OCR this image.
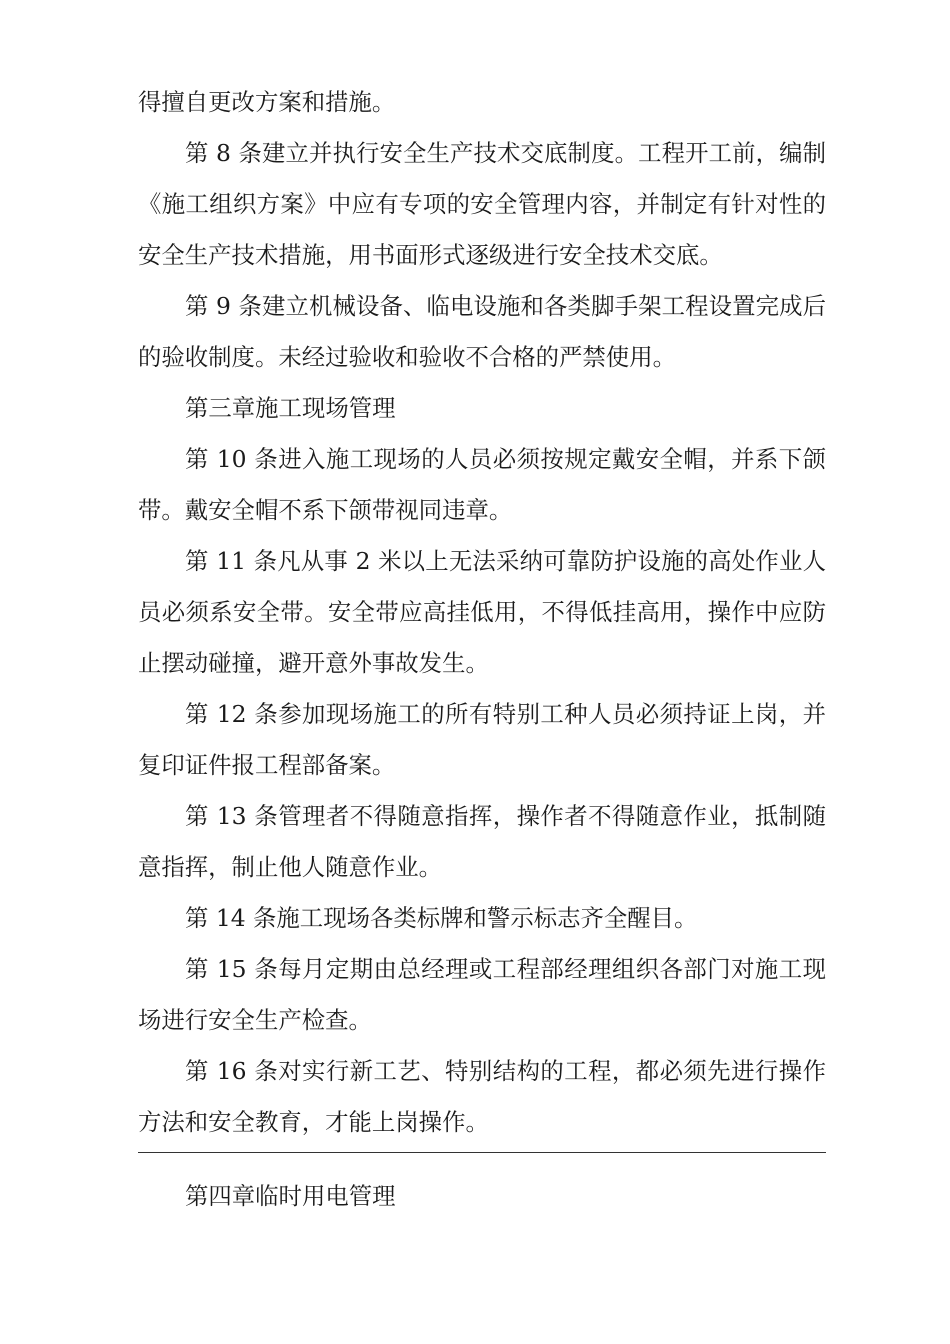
得擅自更改方案和措施。

第 8 条建立并执行安全生产技术交底制度。工程开工前，编制《施工组织方案》中应有专项的安全管理内容，并制定有针对性的安全生产技术措施，用书面形式逐级进行安全技术交底。

第 9 条建立机械设备、临电设施和各类脚手架工程设置完成后的验收制度。未经过验收和验收不合格的严禁使用。

第三章施工现场管理

第 10 条进入施工现场的人员必须按规定戴安全帽，并系下颌带。戴安全帽不系下颌带视同违章。

第 11 条凡从事 2 米以上无法采纳可靠防护设施的高处作业人员必须系安全带。安全带应高挂低用，不得低挂高用，操作中应防止摆动碰撞，避开意外事故发生。

第 12 条参加现场施工的所有特别工种人员必须持证上岗，并复印证件报工程部备案。

第 13 条管理者不得随意指挥，操作者不得随意作业，抵制随意指挥，制止他人随意作业。

第 14 条施工现场各类标牌和警示标志齐全醒目。

第 15 条每月定期由总经理或工程部经理组织各部门对施工现场进行安全生产检查。

第 16 条对实行新工艺、特别结构的工程，都必须先进行操作方法和安全教育，才能上岗操作。

第四章临时用电管理
